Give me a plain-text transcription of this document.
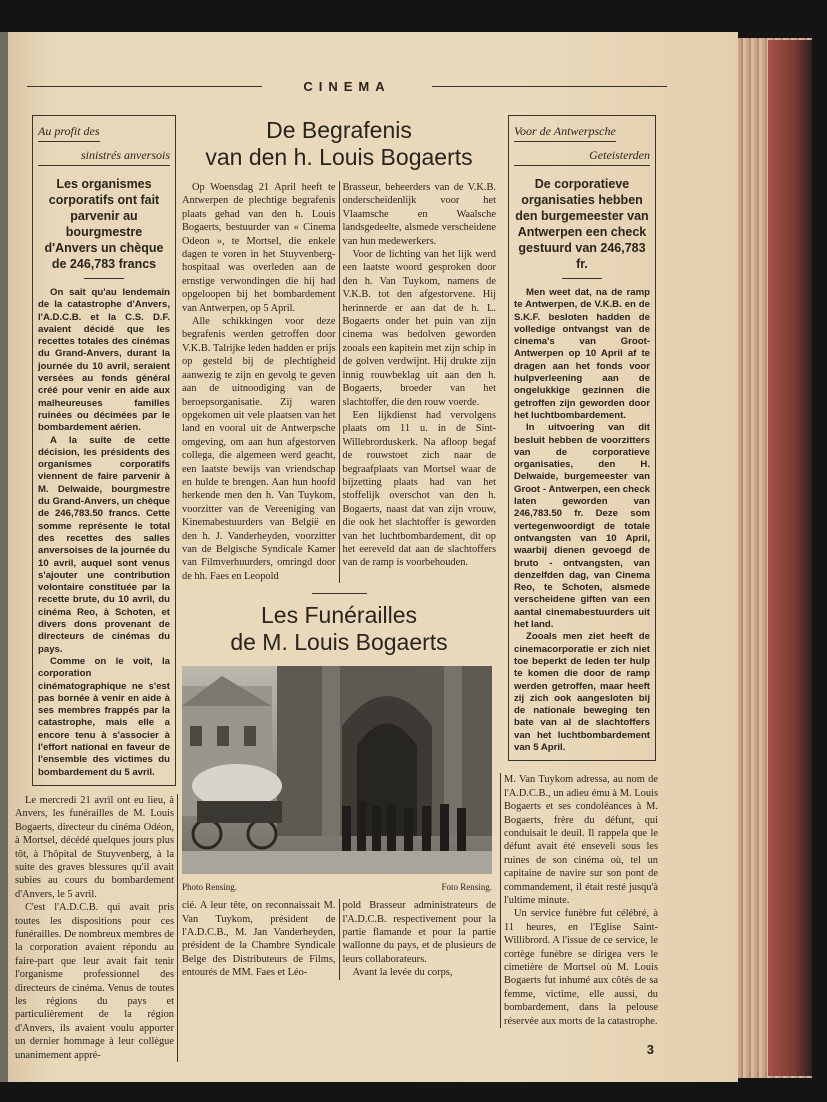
CINEMA
Au profit des
sinistrés anversois
Les organismes corporatifs ont fait parvenir au bourgmestre d'Anvers un chèque de 246,783 francs

On sait qu'au lendemain de la catastrophe d'Anvers, l'A.D.C.B. et la C.S. D.F. avaient décidé que les recettes totales des cinémas du Grand-Anvers, durant la journée du 10 avril, seraient versées au fonds général créé pour venir en aide aux malheureuses familles ruinées ou décimées par le bombardement aérien.

A la suite de cette décision, les présidents des organismes corporatifs viennent de faire parvenir à M. Delwaide, bourgmestre du Grand-Anvers, un chèque de 246,783.50 francs. Cette somme représente le total des recettes des salles anversoises de la journée du 10 avril, auquel sont venus s'ajouter une contribution volontaire constituée par la recette brute, du 10 avril, du cinéma Reo, à Schoten, et divers dons provenant de directeurs de cinémas du pays.

Comme on le voit, la corporation cinématographique ne s'est pas bornée à venir en aide à ses membres frappés par la catastrophe, mais elle a encore tenu à s'associer à l'effort national en faveur de l'ensemble des victimes du bombardement du 5 avril.

Le mercredi 21 avril ont eu lieu, à Anvers, les funérailles de M. Louis Bogaerts, directeur du cinéma Odéon, à Mortsel, décédé quelques jours plus tôt, à l'hôpital de Stuyvenberg, à la suite des graves blessures qu'il avait subies au cours du bombardement d'Anvers, le 5 avril.

C'est l'A.D.C.B. qui avait pris toutes les dispositions pour ces funérailles. De nombreux membres de la corporation avaient répondu au faire-part que leur avait fait tenir l'organisme professionnel des directeurs de cinéma. Venus de toutes les régions du pays et particulièrement de la région d'Anvers, ils avaient voulu apporter un dernier hommage à leur collègue unanimement appré-

De Begrafenis
van den h. Louis Bogaerts

Op Woensdag 21 April heeft te Antwerpen de plechtige begrafenis plaats gehad van den h. Louis Bogaerts, bestuurder van « Cinema Odeon », te Mortsel, die enkele dagen te voren in het Stuyvenberg-hospitaal was overleden aan de ernstige verwondingen die hij had opgeloopen bij het bombardement van Antwerpen, op 5 April.

Alle schikkingen voor deze begrafenis werden getroffen door V.K.B. Talrijke leden hadden er prijs op gesteld bij de plechtigheid aanwezig te zijn en gevolg te geven aan de uitnoodiging van de beroepsorganisatie. Zij waren opgekomen uit vele plaatsen van het land en vooral uit de Antwerpsche omgeving, om aan hun afgestorven collega, die algemeen werd geacht, een laatste bewijs van vriendschap en hulde te brengen. Aan hun hoofd herkende men den h. Van Tuykom, voorzitter van de Vereeniging van Kinemabestuurders van België en den h. J. Vanderheyden, voorzitter van de Belgische Syndicale Kamer van Filmverhuurders, omringd door de hh. Faes en Leopold

Brasseur, beheerders van de V.K.B. onderscheidenlijk voor het Vlaamsche en Waalsche landsgedeelte, alsmede verscheidene van hun medewerkers.

Voor de lichting van het lijk werd een laatste woord gesproken door den h. Van Tuykom, namens de V.K.B. tot den afgestorvene. Hij herinnerde er aan dat de h. L. Bogaerts onder het puin van zijn cinema was bedolven geworden zooals een kapitein met zijn schip in de golven verdwijnt. Hij drukte zijn innig rouwbeklag uit aan den h. Bogaerts, broeder van het slachtoffer, die den rouw voerde.

Een lijkdienst had vervolgens plaats om 11 u. in de Sint-Willebrorduskerk. Na afloop begaf de rouwstoet zich naar de begraafplaats van Mortsel waar de bijzetting plaats had van het stoffelijk overschot van den h. Bogaerts, naast dat van zijn vrouw, die ook het slachtoffer is geworden van het luchtbombardement, dit op het eereveld dat aan de slachtoffers van de ramp is voorbehouden.

Les Funérailles
de M. Louis Bogaerts
Photo Rensing.	Foto Rensing.

cié. A leur tête, on reconnaissait M. Van Tuykom, président de l'A.D.C.B., M. Jan Vanderheyden, président de la Chambre Syndicale Belge des Distributeurs de Films, entourés de MM. Faes et Léo-

pold Brasseur administrateurs de l'A.D.C.B. respectivement pour la partie flamande et pour la partie wallonne du pays, et de plusieurs de leurs collaborateurs.

Avant la levée du corps,

Voor de Antwerpsche
Geteisterden
De corporatieve organisaties hebben den burgemeester van Antwerpen een check gestuurd van 246,783 fr.

Men weet dat, na de ramp te Antwerpen, de V.K.B. en de S.K.F. besloten hadden de volledige ontvangst van de cinema's van Groot-Antwerpen op 10 April af te dragen aan het fonds voor hulpverleening aan de ongelukkige gezinnen die getroffen zijn geworden door het luchtbombardement.

In uitvoering van dit besluit hebben de voorzitters van de corporatieve organisaties, den H. Delwaide, burgemeester van Groot - Antwerpen, een check laten geworden van 246,783.50 fr. Deze som vertegenwoordigt de totale ontvangsten van 10 April, waarbij dienen gevoegd de bruto - ontvangsten, van denzelfden dag, van Cinema Reo, te Schoten, alsmede verscheidene giften van een aantal cinemabestuurders uit het land.

Zooals men ziet heeft de cinemacorporatie er zich niet toe beperkt de leden ter hulp te komen die door de ramp werden getroffen, maar heeft zij zich ook aangesloten bij de nationale beweging ten bate van al de slachtoffers van het luchtbombardement van 5 April.

M. Van Tuykom adressa, au nom de l'A.D.C.B., un adieu ému à M. Louis Bogaerts et ses condoléances à M. Bogaerts, frère du défunt, qui conduisait le deuil. Il rappela que le défunt avait été enseveli sous les ruines de son cinéma où, tel un capitaine de navire sur son pont de commandement, il était resté jusqu'à l'ultime minute.

Un service funèbre fut célébré, à 11 heures, en l'Eglise Saint-Willibrord. A l'issue de ce service, le cortège funèbre se dirigea vers le cimetière de Mortsel où M. Louis Bogaerts fut inhumé aux côtés de sa femme, victime, elle aussi, du bombardement, dans la pelouse réservée aux morts de la catastrophe.

3
